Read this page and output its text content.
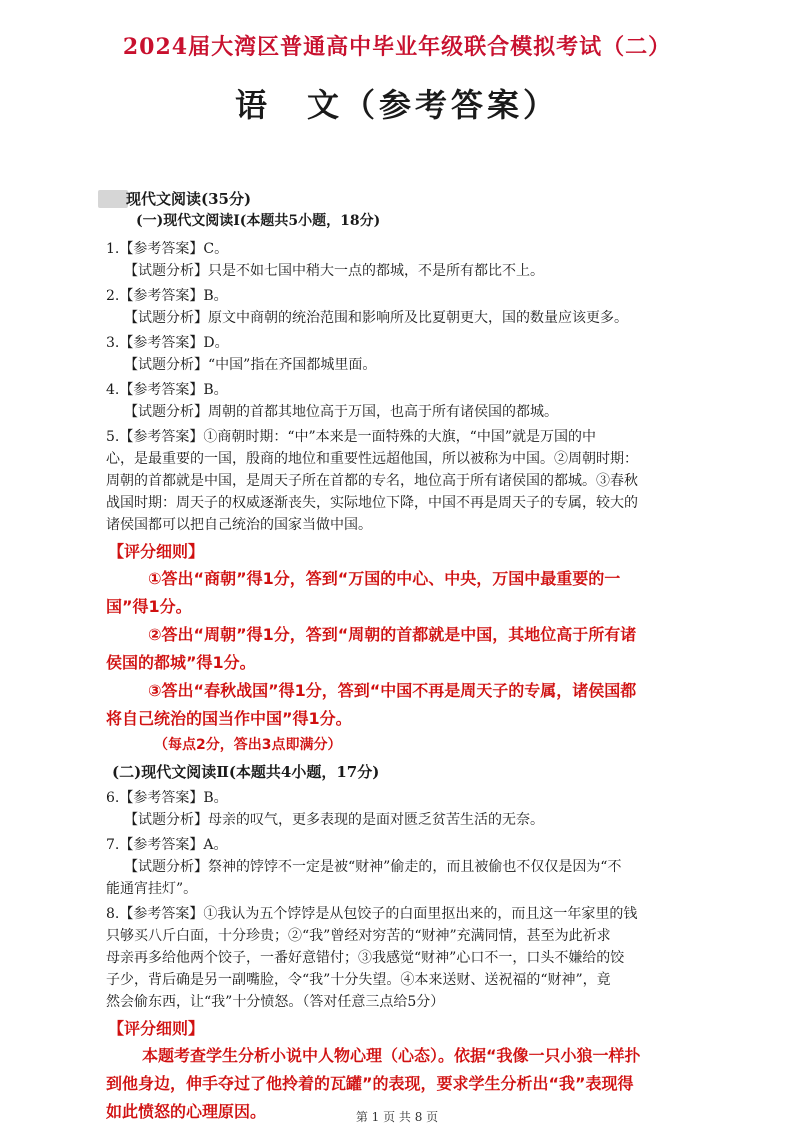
2024届大湾区普通高中毕业年级联合模拟考试（二）
语　文（参考答案）
现代文阅读(35分)
(一)现代文阅读Ⅰ(本题共5小题，18分)

1.【参考答案】C。

【试题分析】只是不如七国中稍大一点的都城，不是所有都比不上。

2.【参考答案】B。

【试题分析】原文中商朝的统治范围和影响所及比夏朝更大，国的数量应该更多。

3.【参考答案】D。

【试题分析】“中国”指在齐国都城里面。

4.【参考答案】B。

【试题分析】周朝的首都其地位高于万国，也高于所有诸侯国的都城。

5.【参考答案】①商朝时期：“中”本来是一面特殊的大旗，“中国”就是万国的中

心，是最重要的一国，殷商的地位和重要性远超他国，所以被称为中国。②周朝时期：

周朝的首都就是中国，是周天子所在首都的专名，地位高于所有诸侯国的都城。③春秋

战国时期：周天子的权威逐渐丧失，实际地位下降，中国不再是周天子的专属，较大的

诸侯国都可以把自己统治的国家当做中国。

【评分细则】

①答出“商朝”得1分，答到“万国的中心、中央，万国中最重要的一

国”得1分。

②答出“周朝”得1分，答到“周朝的首都就是中国，其地位高于所有诸

侯国的都城”得1分。

③答出“春秋战国”得1分，答到“中国不再是周天子的专属，诸侯国都

将自己统治的国当作中国”得1分。

（每点2分，答出3点即满分）
(二)现代文阅读Ⅱ(本题共4小题，17分)

6.【参考答案】B。

【试题分析】母亲的叹气，更多表现的是面对匮乏贫苦生活的无奈。

7.【参考答案】A。

【试题分析】祭神的饽饽不一定是被“财神”偷走的，而且被偷也不仅仅是因为“不

能通宵挂灯”。

8.【参考答案】①我认为五个饽饽是从包饺子的白面里抠出来的，而且这一年家里的钱

只够买八斤白面，十分珍贵；②“我”曾经对穷苦的“财神”充满同情，甚至为此祈求

母亲再多给他两个饺子，一番好意错付；③我感觉“财神”心口不一，口头不嫌给的饺

子少，背后确是另一副嘴脸，令“我”十分失望。④本来送财、送祝福的“财神”，竟

然会偷东西，让“我”十分愤怒。（答对任意三点给5分）

【评分细则】

本题考查学生分析小说中人物心理（心态）。依据“我像一只小狼一样扑

到他身边，伸手夺过了他拎着的瓦罐”的表现，要求学生分析出“我”表现得

如此愤怒的心理原因。	第 1 页 共 8 页
